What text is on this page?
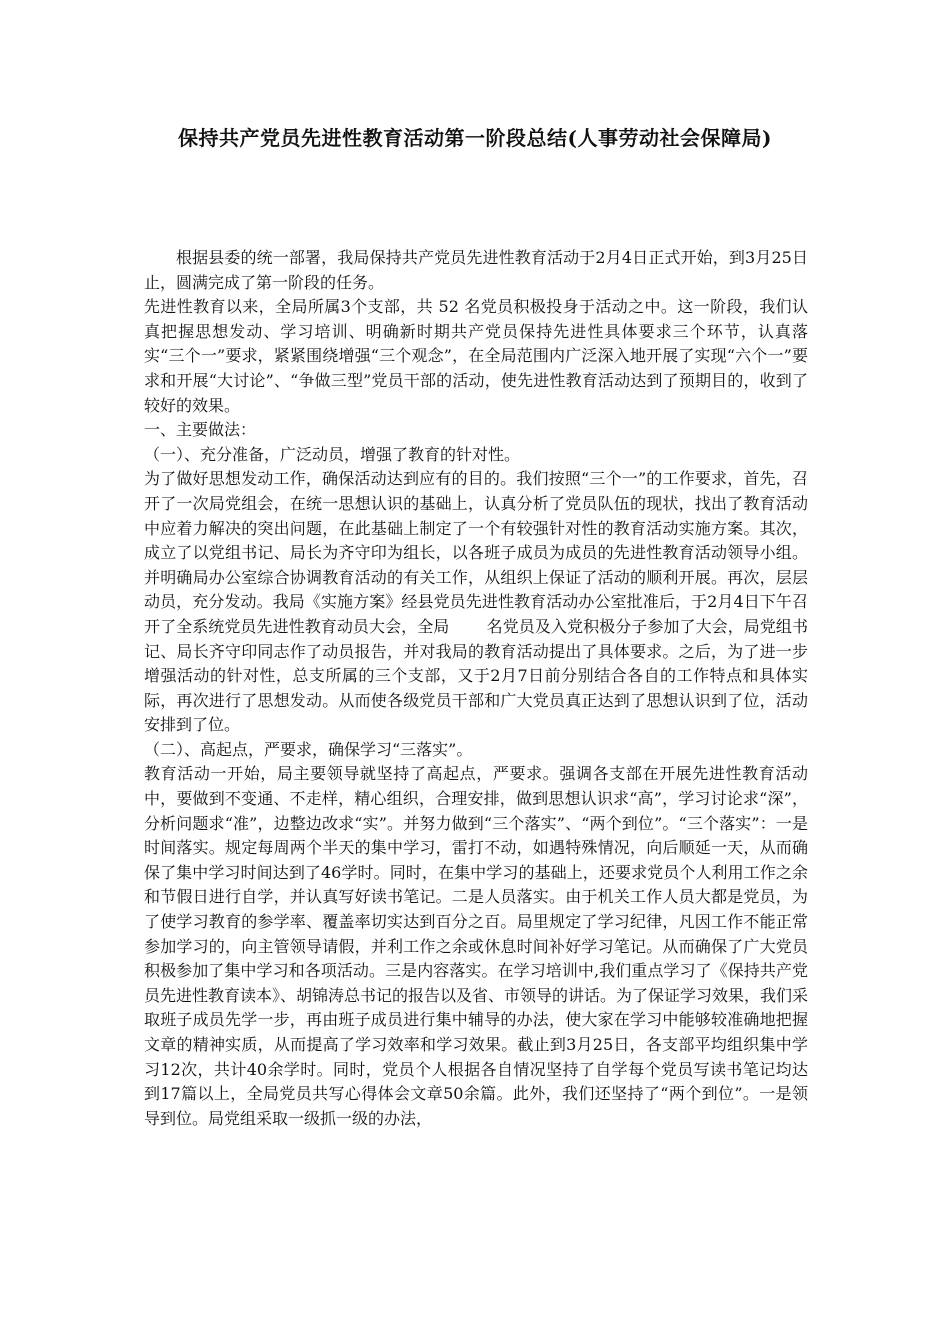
保持共产党员先进性教育活动第一阶段总结(人事劳动社会保障局)

根据县委的统一部署，我局保持共产党员先进性教育活动于2月4日正式开始，到3月25日止，圆满完成了第一阶段的任务。

先进性教育以来，全局所属3个支部，共 52 名党员积极投身于活动之中。这一阶段，我们认真把握思想发动、学习培训、明确新时期共产党员保持先进性具体要求三个环节，认真落实“三个一”要求，紧紧围绕增强“三个观念”，在全局范围内广泛深入地开展了实现“六个一”要求和开展“大讨论”、“争做三型”党员干部的活动，使先进性教育活动达到了预期目的，收到了较好的效果。

一、主要做法：

（一）、充分准备，广泛动员，增强了教育的针对性。

为了做好思想发动工作，确保活动达到应有的目的。我们按照“三个一”的工作要求，首先，召开了一次局党组会，在统一思想认识的基础上，认真分析了党员队伍的现状，找出了教育活动中应着力解决的突出问题，在此基础上制定了一个有较强针对性的教育活动实施方案。其次，成立了以党组书记、局长为齐守印为组长，以各班子成员为成员的先进性教育活动领导小组。并明确局办公室综合协调教育活动的有关工作，从组织上保证了活动的顺利开展。再次，层层动员，充分发动。我局《实施方案》经县党员先进性教育活动办公室批准后，于2月4日下午召开了全系统党员先进性教育动员大会，全局　　 名党员及入党积极分子参加了大会，局党组书记、局长齐守印同志作了动员报告，并对我局的教育活动提出了具体要求。之后，为了进一步增强活动的针对性，总支所属的三个支部，又于2月7日前分别结合各自的工作特点和具体实际，再次进行了思想发动。从而使各级党员干部和广大党员真正达到了思想认识到了位，活动安排到了位。

（二）、高起点，严要求，确保学习“三落实”。

教育活动一开始，局主要领导就坚持了高起点，严要求。强调各支部在开展先进性教育活动中，要做到不变通、不走样，精心组织，合理安排，做到思想认识求“高”，学习讨论求“深”，分析问题求“准”，边整边改求“实”。并努力做到“三个落实”、“两个到位”。“三个落实”：一是时间落实。规定每周两个半天的集中学习，雷打不动，如遇特殊情况，向后顺延一天，从而确保了集中学习时间达到了46学时。同时，在集中学习的基础上，还要求党员个人利用工作之余和节假日进行自学，并认真写好读书笔记。二是人员落实。由于机关工作人员大都是党员，为了使学习教育的参学率、覆盖率切实达到百分之百。局里规定了学习纪律，凡因工作不能正常参加学习的，向主管领导请假，并利工作之余或休息时间补好学习笔记。从而确保了广大党员积极参加了集中学习和各项活动。三是内容落实。在学习培训中,我们重点学习了《保持共产党员先进性教育读本》、胡锦涛总书记的报告以及省、市领导的讲话。为了保证学习效果，我们采取班子成员先学一步，再由班子成员进行集中辅导的办法，使大家在学习中能够较准确地把握文章的精神实质，从而提高了学习效率和学习效果。截止到3月25日，各支部平均组织集中学习12次，共计40余学时。同时，党员个人根据各自情况坚持了自学每个党员写读书笔记均达到17篇以上，全局党员共写心得体会文章50余篇。此外，我们还坚持了“两个到位”。一是领导到位。局党组采取一级抓一级的办法，
